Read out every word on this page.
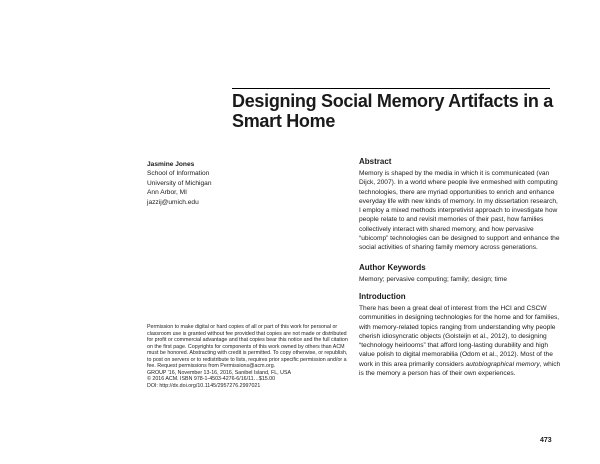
Designing Social Memory Artifacts in a Smart Home
Jasmine Jones
School of Information
University of Michigan
Ann Arbor, MI
jazzij@umich.edu
Abstract

Memory is shaped by the media in which it is communicated (van Dijck, 2007). In a world where people live enmeshed with computing technologies, there are myriad opportunities to enrich and enhance everyday life with new kinds of memory. In my dissertation research, I employ a mixed methods interpretivist approach to investigate how people relate to and revisit memories of their past, how families collectively interact with shared memory, and how pervasive “ubicomp” technologies can be designed to support and enhance the social activities of sharing family memory across generations.

Author Keywords

Memory; pervasive computing; family; design; time

Introduction

There has been a great deal of interest from the HCI and CSCW communities in designing technologies for the home and for families, with memory-related topics ranging from understanding why people cherish idiosyncratic objects (Golsteijn et al., 2012), to designing “technology heirlooms” that afford long-lasting durability and high value polish to digital memorabilia (Odom et al., 2012). Most of the work in this area primarily considers autobiographical memory, which is the memory a person has of their own experiences.

Permission to make digital or hard copies of all or part of this work for personal or classroom use is granted without fee provided that copies are not made or distributed for profit or commercial advantage and that copies bear this notice and the full citation on the first page. Copyrights for components of this work owned by others than ACM must be honored. Abstracting with credit is permitted. To copy otherwise, or republish, to post on servers or to redistribute to lists, requires prior specific permission and/or a fee. Request permissions from Permissions@acm.org.

GROUP '16, November 13-16, 2016, Sanibel Island, FL, USA

© 2016 ACM. ISBN 978-1-4503-4276-6/16/11…$15.00

DOI: http://dx.doi.org/10.1145/2957276.2997021

473
